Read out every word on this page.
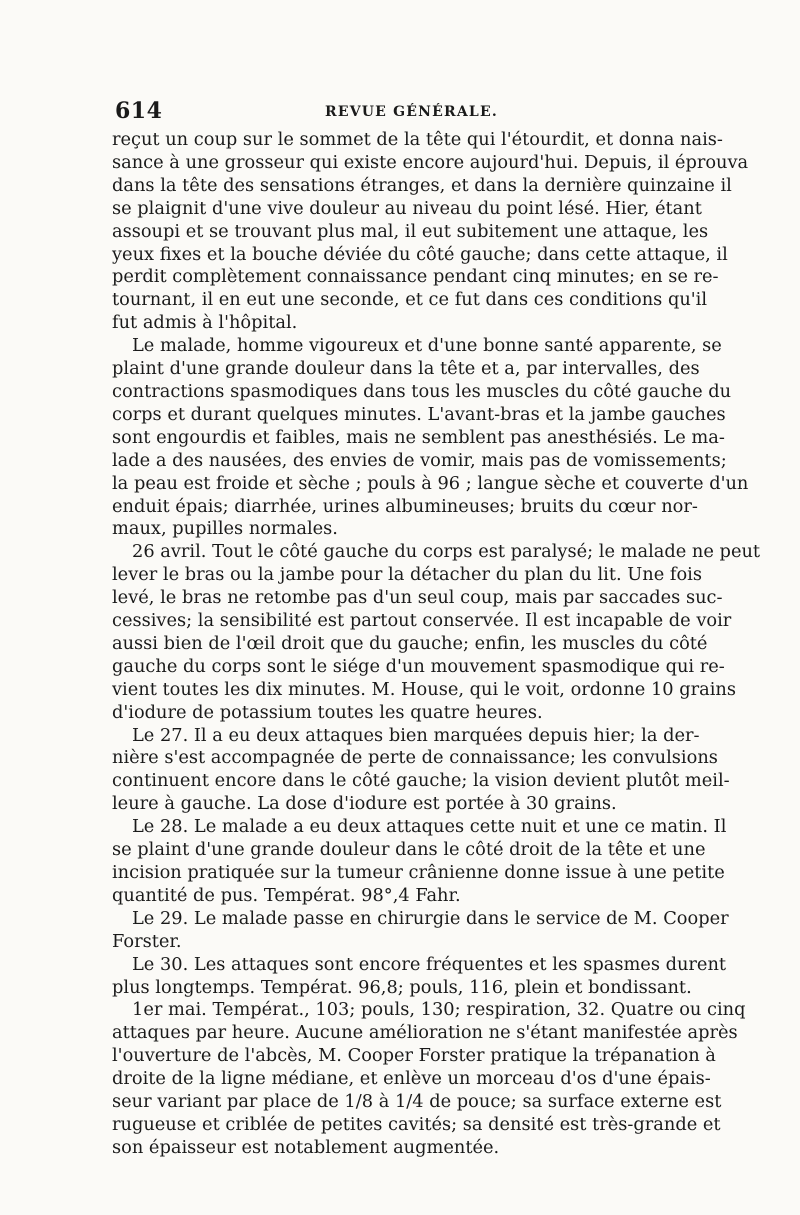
614	REVUE GÉNÉRALE.
reçut un coup sur le sommet de la tête qui l'étourdit, et donna nais-
sance à une grosseur qui existe encore aujourd'hui. Depuis, il éprouva
dans la tête des sensations étranges, et dans la dernière quinzaine il
se plaignit d'une vive douleur au niveau du point lésé. Hier, étant
assoupi et se trouvant plus mal, il eut subitement une attaque, les
yeux fixes et la bouche déviée du côté gauche; dans cette attaque, il
perdit complètement connaissance pendant cinq minutes; en se re-
tournant, il en eut une seconde, et ce fut dans ces conditions qu'il
fut admis à l'hôpital.
Le malade, homme vigoureux et d'une bonne santé apparente, se
plaint d'une grande douleur dans la tête et a, par intervalles, des
contractions spasmodiques dans tous les muscles du côté gauche du
corps et durant quelques minutes. L'avant-bras et la jambe gauches
sont engourdis et faibles, mais ne semblent pas anesthésiés. Le ma-
lade a des nausées, des envies de vomir, mais pas de vomissements;
la peau est froide et sèche ; pouls à 96 ; langue sèche et couverte d'un
enduit épais; diarrhée, urines albumineuses; bruits du cœur nor-
maux, pupilles normales.
26 avril. Tout le côté gauche du corps est paralysé; le malade ne peut
lever le bras ou la jambe pour la détacher du plan du lit. Une fois
levé, le bras ne retombe pas d'un seul coup, mais par saccades suc-
cessives; la sensibilité est partout conservée. Il est incapable de voir
aussi bien de l'œil droit que du gauche; enfin, les muscles du côté
gauche du corps sont le siége d'un mouvement spasmodique qui re-
vient toutes les dix minutes. M. House, qui le voit, ordonne 10 grains
d'iodure de potassium toutes les quatre heures.
Le 27. Il a eu deux attaques bien marquées depuis hier; la der-
nière s'est accompagnée de perte de connaissance; les convulsions
continuent encore dans le côté gauche; la vision devient plutôt meil-
leure à gauche. La dose d'iodure est portée à 30 grains.
Le 28. Le malade a eu deux attaques cette nuit et une ce matin. Il
se plaint d'une grande douleur dans le côté droit de la tête et une
incision pratiquée sur la tumeur crânienne donne issue à une petite
quantité de pus. Températ. 98°,4 Fahr.
Le 29. Le malade passe en chirurgie dans le service de M. Cooper
Forster.
Le 30. Les attaques sont encore fréquentes et les spasmes durent
plus longtemps. Températ. 96,8; pouls, 116, plein et bondissant.
1er mai. Températ., 103; pouls, 130; respiration, 32. Quatre ou cinq
attaques par heure. Aucune amélioration ne s'étant manifestée après
l'ouverture de l'abcès, M. Cooper Forster pratique la trépanation à
droite de la ligne médiane, et enlève un morceau d'os d'une épais-
seur variant par place de 1/8 à 1/4 de pouce; sa surface externe est
rugueuse et criblée de petites cavités; sa densité est très-grande et
son épaisseur est notablement augmentée.
